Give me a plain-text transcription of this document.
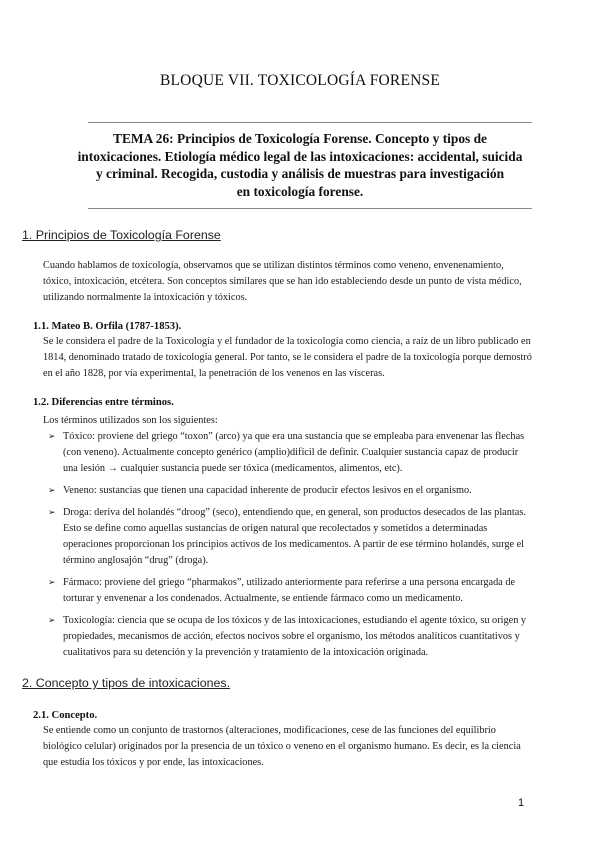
BLOQUE VII. TOXICOLOGÍA FORENSE
TEMA 26: Principios de Toxicología Forense. Concepto y tipos de
intoxicaciones. Etiología médico legal de las intoxicaciones: accidental, suicida
y criminal. Recogida, custodia y análisis de muestras para investigación
en toxicología forense.
1. Principios de Toxicología Forense
Cuando hablamos de toxicología, observamos que se utilizan distintos términos como veneno, envenenamiento,
tóxico, intoxicación, etcétera. Son conceptos similares que se han ido estableciendo desde un punto de vista médico,
utilizando normalmente la intoxicación y tóxicos.
1.1. Mateo B. Orfila (1787-1853).
Se le considera el padre de la Toxicología y el fundador de la toxicología como ciencia, a raíz de un libro publicado en
1814, denominado tratado de toxicología general. Por tanto, se le considera el padre de la toxicología porque demostró
en el año 1828, por vía experimental, la penetración de los venenos en las vísceras.
1.2. Diferencias entre términos.
Los términos utilizados son los siguientes:
➢ Tóxico: proviene del griego “toxon” (arco) ya que era una sustancia que se empleaba para envenenar las flechas
(con veneno). Actualmente concepto genérico (amplio)difícil de definir. Cualquier sustancia capaz de producir
una lesión → cualquier sustancia puede ser tóxica (medicamentos, alimentos, etc).
➢ Veneno: sustancias que tienen una capacidad inherente de producir efectos lesivos en el organismo.
➢ Droga: deriva del holandés “droog” (seco), entendiendo que, en general, son productos desecados de las plantas.
Esto se define como aquellas sustancias de origen natural que recolectados y sometidos a determinadas
operaciones proporcionan los principios activos de los medicamentos. A partir de ese término holandés, surge el
término anglosajón “drug” (droga).
➢ Fármaco: proviene del griego “pharmakos”, utilizado anteriormente para referirse a una persona encargada de
torturar y envenenar a los condenados. Actualmente, se entiende fármaco como un medicamento.
➢ Toxicología: ciencia que se ocupa de los tóxicos y de las intoxicaciones, estudiando el agente tóxico, su origen y
propiedades, mecanismos de acción, efectos nocivos sobre el organismo, los métodos analíticos cuantitativos y
cualitativos para su detención y la prevención y tratamiento de la intoxicación originada.
2. Concepto y tipos de intoxicaciones.
2.1. Concepto.
Se entiende como un conjunto de trastornos (alteraciones, modificaciones, cese de las funciones del equilibrio
biológico celular) originados por la presencia de un tóxico o veneno en el organismo humano. Es decir, es la ciencia
que estudia los tóxicos y por ende, las intoxicaciones.
1
